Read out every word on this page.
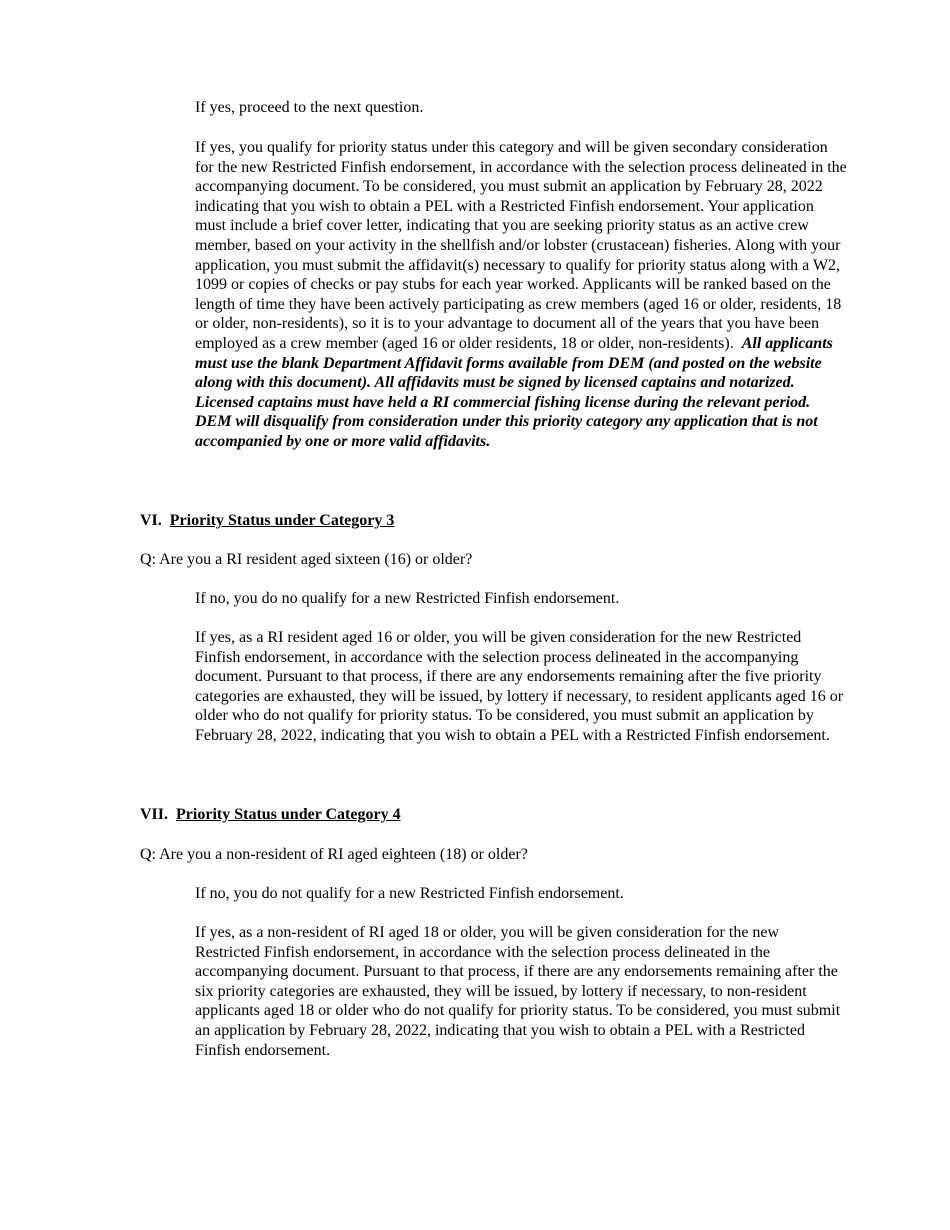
If yes, proceed to the next question.

If yes, you qualify for priority status under this category and will be given secondary consideration for the new Restricted Finfish endorsement, in accordance with the selection process delineated in the accompanying document. To be considered, you must submit an application by February 28, 2022 indicating that you wish to obtain a PEL with a Restricted Finfish endorsement. Your application must include a brief cover letter, indicating that you are seeking priority status as an active crew member, based on your activity in the shellfish and/or lobster (crustacean) fisheries. Along with your application, you must submit the affidavit(s) necessary to qualify for priority status along with a W2, 1099 or copies of checks or pay stubs for each year worked. Applicants will be ranked based on the length of time they have been actively participating as crew members (aged 16 or older, residents, 18 or older, non-residents), so it is to your advantage to document all of the years that you have been employed as a crew member (aged 16 or older residents, 18 or older, non-residents). All applicants must use the blank Department Affidavit forms available from DEM (and posted on the website along with this document). All affidavits must be signed by licensed captains and notarized. Licensed captains must have held a RI commercial fishing license during the relevant period. DEM will disqualify from consideration under this priority category any application that is not accompanied by one or more valid affidavits.

VI. Priority Status under Category 3

Q: Are you a RI resident aged sixteen (16) or older?

If no, you do no qualify for a new Restricted Finfish endorsement.

If yes, as a RI resident aged 16 or older, you will be given consideration for the new Restricted Finfish endorsement, in accordance with the selection process delineated in the accompanying document. Pursuant to that process, if there are any endorsements remaining after the five priority categories are exhausted, they will be issued, by lottery if necessary, to resident applicants aged 16 or older who do not qualify for priority status. To be considered, you must submit an application by February 28, 2022, indicating that you wish to obtain a PEL with a Restricted Finfish endorsement.

VII. Priority Status under Category 4

Q: Are you a non-resident of RI aged eighteen (18) or older?

If no, you do not qualify for a new Restricted Finfish endorsement.

If yes, as a non-resident of RI aged 18 or older, you will be given consideration for the new Restricted Finfish endorsement, in accordance with the selection process delineated in the accompanying document. Pursuant to that process, if there are any endorsements remaining after the six priority categories are exhausted, they will be issued, by lottery if necessary, to non-resident applicants aged 18 or older who do not qualify for priority status. To be considered, you must submit an application by February 28, 2022, indicating that you wish to obtain a PEL with a Restricted Finfish endorsement.
